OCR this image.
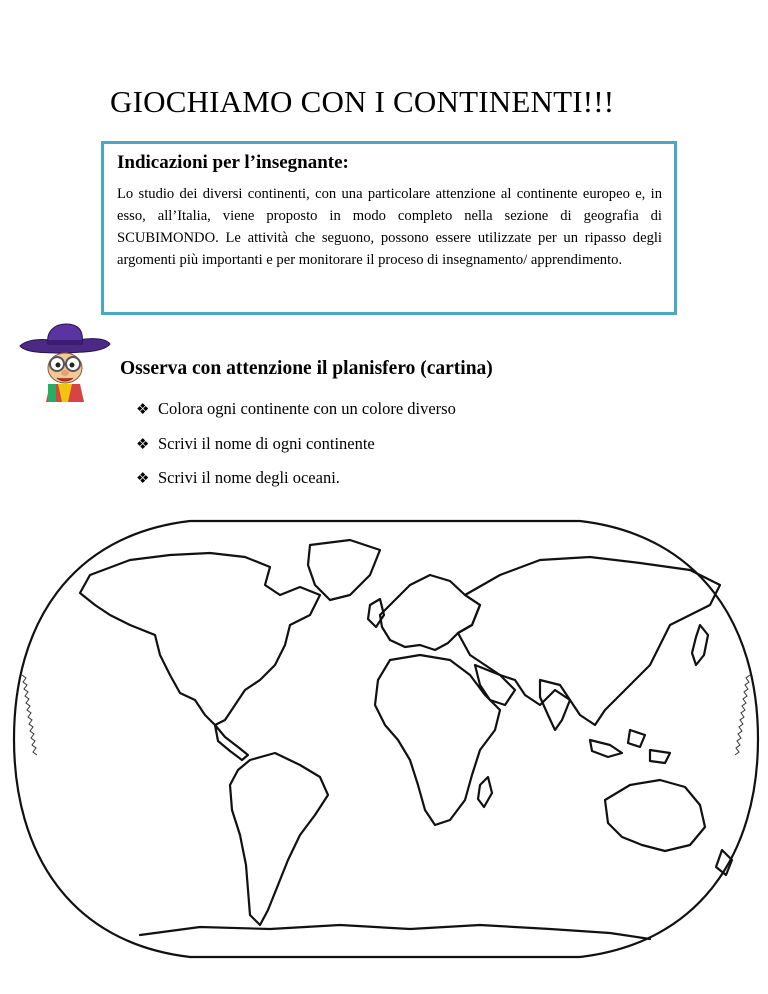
GIOCHIAMO CON I CONTINENTI!!!

Indicazioni per l’insegnante:

Lo studio dei diversi continenti, con una particolare attenzione al continente europeo e, in esso, all’Italia, viene proposto in modo completo nella sezione di geografia di SCUBIMONDO. Le attività che seguono, possono essere utilizzate per un ripasso degli argomenti più importanti e per monitorare il proceso di insegnamento/ apprendimento.

Osserva con attenzione il planisfero (cartina)
❖ Colora ogni continente con un colore diverso
❖ Scrivi il nome di ogni continente
❖ Scrivi il nome degli oceani.
